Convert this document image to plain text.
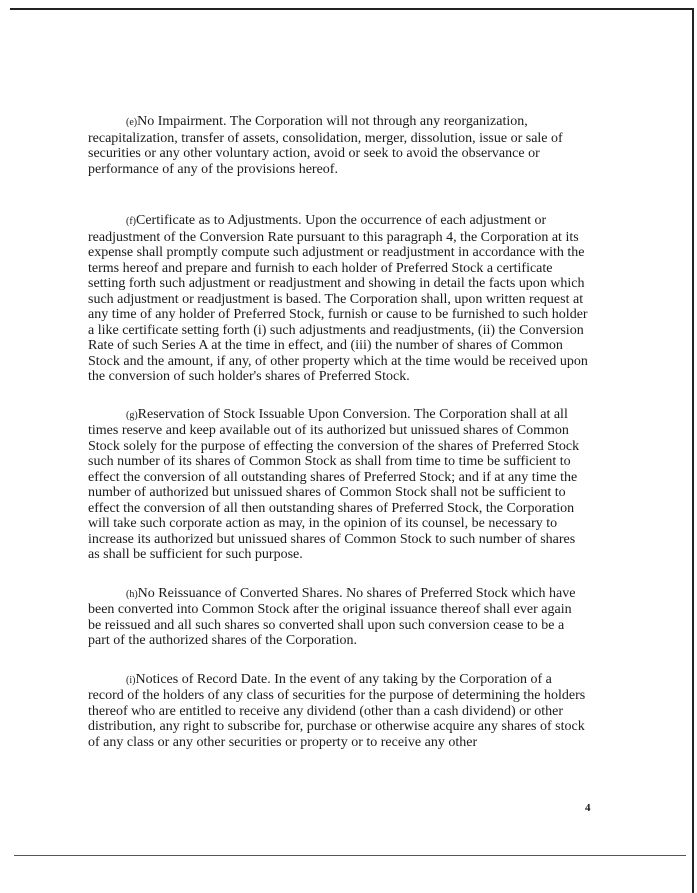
(e)No Impairment. The Corporation will not through any reorganization, recapitalization, transfer of assets, consolidation, merger, dissolution, issue or sale of securities or any other voluntary action, avoid or seek to avoid the observance or performance of any of the provisions hereof.

(f)Certificate as to Adjustments. Upon the occurrence of each adjustment or readjustment of the Conversion Rate pursuant to this paragraph 4, the Corporation at its expense shall promptly compute such adjustment or readjustment in accordance with the terms hereof and prepare and furnish to each holder of Preferred Stock a certificate setting forth such adjustment or readjustment and showing in detail the facts upon which such adjustment or readjustment is based. The Corporation shall, upon written request at any time of any holder of Preferred Stock, furnish or cause to be furnished to such holder a like certificate setting forth (i) such adjustments and readjustments, (ii) the Conversion Rate of such Series A at the time in effect, and (iii) the number of shares of Common Stock and the amount, if any, of other property which at the time would be received upon the conversion of such holder's shares of Preferred Stock.

(g)Reservation of Stock Issuable Upon Conversion. The Corporation shall at all times reserve and keep available out of its authorized but unissued shares of Common Stock solely for the purpose of effecting the conversion of the shares of Preferred Stock such number of its shares of Common Stock as shall from time to time be sufficient to effect the conversion of all outstanding shares of Preferred Stock; and if at any time the number of authorized but unissued shares of Common Stock shall not be sufficient to effect the conversion of all then outstanding shares of Preferred Stock, the Corporation will take such corporate action as may, in the opinion of its counsel, be necessary to increase its authorized but unissued shares of Common Stock to such number of shares as shall be sufficient for such purpose.

(h)No Reissuance of Converted Shares. No shares of Preferred Stock which have been converted into Common Stock after the original issuance thereof shall ever again be reissued and all such shares so converted shall upon such conversion cease to be a part of the authorized shares of the Corporation.

(i)Notices of Record Date. In the event of any taking by the Corporation of a record of the holders of any class of securities for the purpose of determining the holders thereof who are entitled to receive any dividend (other than a cash dividend) or other distribution, any right to subscribe for, purchase or otherwise acquire any shares of stock of any class or any other securities or property or to receive any other

4
